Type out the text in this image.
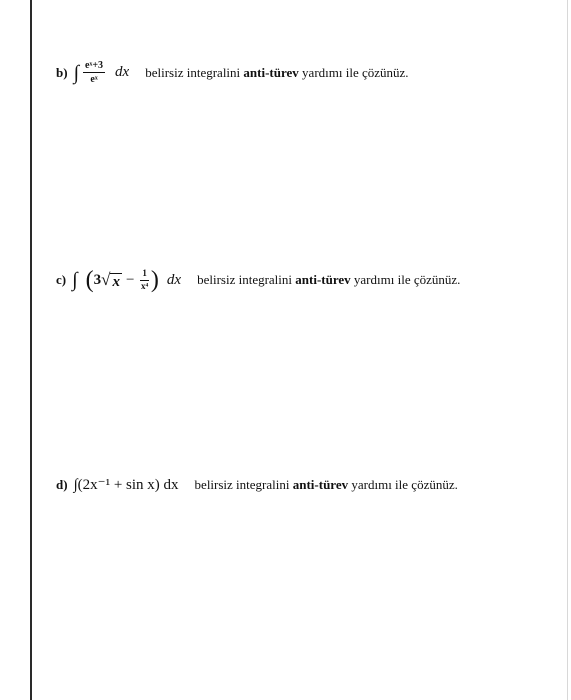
b) ∫ $\frac{\text{eˣ+3}}{\text{eˣ}}$ dx belirsiz integralini anti-türev yardımı ile çözünüz.
c) ∫ ( 3 √ $x - \frac{1}{\text{x⁴}}$ ) dx belirsiz integralini anti-türev yardımı ile çözünüz.
d) ∫(2x⁻¹ + sin x) dx belirsiz integralini anti-türev yardımı ile çözünüz.
